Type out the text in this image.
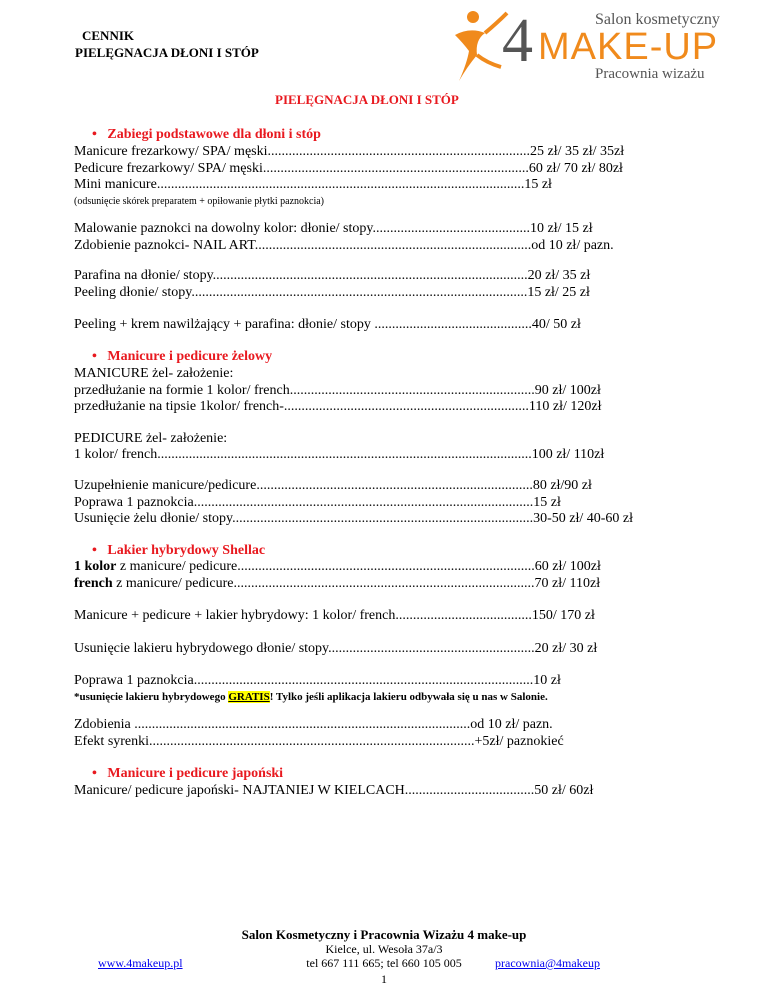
CENNIK
PIELĘGNACJA DŁONI I STÓP	4	Salon kosmetyczny
MAKE-UP
Pracownia wizażu
PIELĘGNACJA DŁONI I STÓP
• Zabiegi podstawowe dla dłoni i stóp
Manicure frezarkowy/ SPA/ męski...........................................................................25 zł/ 35 zł/ 35zł
Pedicure frezarkowy/ SPA/ męski............................................................................60 zł/ 70 zł/ 80zł
Mini manicure.........................................................................................................15 zł
(odsunięcie skórek preparatem + opiłowanie płytki paznokcia)
Malowanie paznokci na dowolny kolor: dłonie/ stopy.............................................10 zł/ 15 zł
Zdobienie paznokci- NAIL ART...............................................................................od 10 zł/ pazn.
Parafina na dłonie/ stopy..........................................................................................20 zł/ 35 zł
Peeling dłonie/ stopy................................................................................................15 zł/ 25 zł
Peeling + krem nawilżający + parafina: dłonie/ stopy .............................................40/ 50 zł
• Manicure i pedicure żelowy
MANICURE żel- założenie:
przedłużanie na formie 1 kolor/ french......................................................................90 zł/ 100zł
przedłużanie na tipsie 1kolor/ french-......................................................................110 zł/ 120zł
PEDICURE żel- założenie:
1 kolor/ french...........................................................................................................100 zł/ 110zł
Uzupełnienie manicure/pedicure...............................................................................80 zł/90 zł
Poprawa 1 paznokcia.................................................................................................15 zł
Usunięcie żelu dłonie/ stopy......................................................................................30-50 zł/ 40-60 zł
• Lakier hybrydowy Shellac
1 kolor z manicure/ pedicure.....................................................................................60 zł/ 100zł
french z manicure/ pedicure......................................................................................70 zł/ 110zł
Manicure + pedicure + lakier hybrydowy: 1 kolor/ french.......................................150/ 170 zł
Usunięcie lakieru hybrydowego dłonie/ stopy...........................................................20 zł/ 30 zł
Poprawa 1 paznokcia.................................................................................................10 zł
*usunięcie lakieru hybrydowego GRATIS! Tylko jeśli aplikacja lakieru odbywała się u nas w Salonie.
Zdobienia ................................................................................................od 10 zł/ pazn.
Efekt syrenki.............................................................................................+5zł/ paznokieć
• Manicure i pedicure japoński
Manicure/ pedicure japoński- NAJTANIEJ W KIELCACH.....................................50 zł/ 60zł
Salon Kosmetyczny i Pracownia Wizażu 4 make-up
Kielce, ul. Wesoła 37a/3
tel 667 111 665; tel 660 105 005
1
www.4makeup.pl	pracownia@4makeup
